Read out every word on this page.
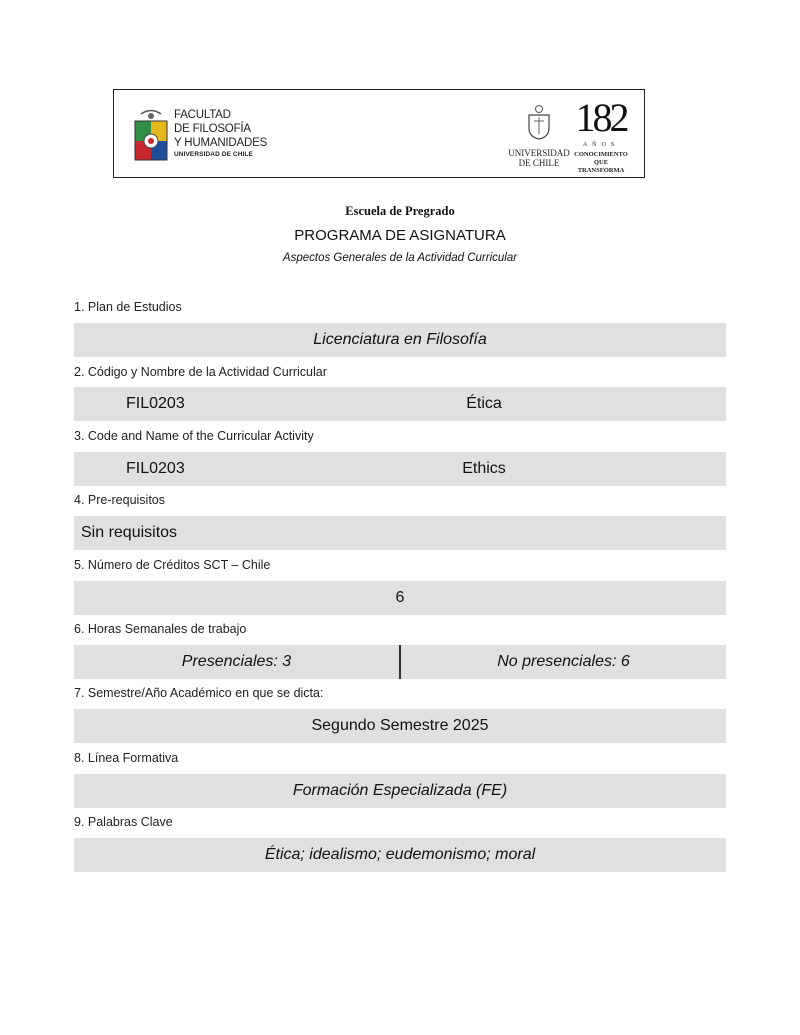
FACULTAD
DE FILOSOFÍA
Y HUMANIDADES
UNIVERSIDAD DE CHILE	UNIVERSIDAD
DE CHILE
182
AÑOS
CONOCIMIENTO
QUE TRANSFORMA
Escuela de Pregrado
PROGRAMA DE ASIGNATURA
Aspectos Generales de la Actividad Curricular
1. Plan de Estudios
Licenciatura en Filosofía
2. Código y Nombre de la Actividad Curricular
FIL0203	Ética
3. Code and Name of the Curricular Activity
FIL0203	Ethics
4. Pre-requisitos
Sin requisitos
5. Número de Créditos SCT – Chile
6
6. Horas Semanales de trabajo
Presenciales: 3	No presenciales: 6
7. Semestre/Año Académico en que se dicta:
Segundo Semestre 2025
8. Línea Formativa
Formación Especializada (FE)
9. Palabras Clave
Ética; idealismo; eudemonismo; moral
